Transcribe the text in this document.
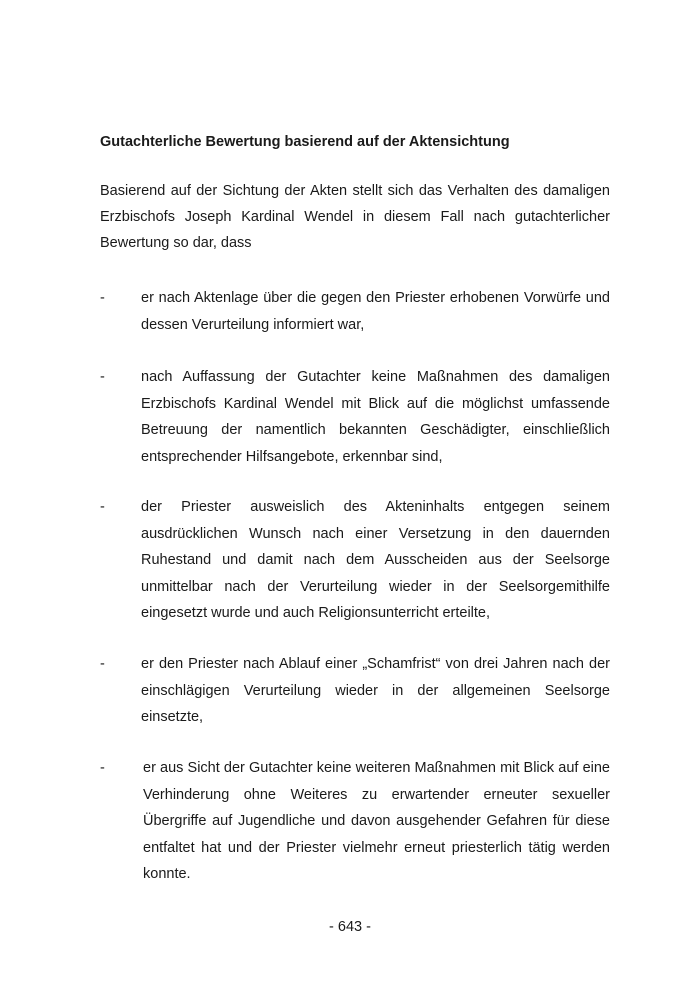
Gutachterliche Bewertung basierend auf der Aktensichtung
Basierend auf der Sichtung der Akten stellt sich das Verhalten des damaligen Erzbischofs Joseph Kardinal Wendel in diesem Fall nach gutachterlicher Bewertung so dar, dass
- er nach Aktenlage über die gegen den Priester erhobenen Vorwürfe und dessen Verurteilung informiert war,
- nach Auffassung der Gutachter keine Maßnahmen des damaligen Erzbischofs Kardinal Wendel mit Blick auf die möglichst umfassende Betreuung der namentlich bekannten Geschädigter, einschließlich entsprechender Hilfsangebote, erkennbar sind,
- der Priester ausweislich des Akteninhalts entgegen seinem ausdrücklichen Wunsch nach einer Versetzung in den dauernden Ruhestand und damit nach dem Ausscheiden aus der Seelsorge unmittelbar nach der Verurteilung wieder in der Seelsorgemithilfe eingesetzt wurde und auch Religionsunterricht erteilte,
- er den Priester nach Ablauf einer „Schamfrist“ von drei Jahren nach der einschlägigen Verurteilung wieder in der allgemeinen Seelsorge einsetzte,
-	er aus Sicht der Gutachter keine weiteren Maßnahmen mit Blick auf eine Verhinderung ohne Weiteres zu erwartender erneuter sexueller Übergriffe auf Jugendliche und davon ausgehender Gefahren für diese entfaltet hat und der Priester vielmehr erneut priesterlich tätig werden konnte.
- 643 -
